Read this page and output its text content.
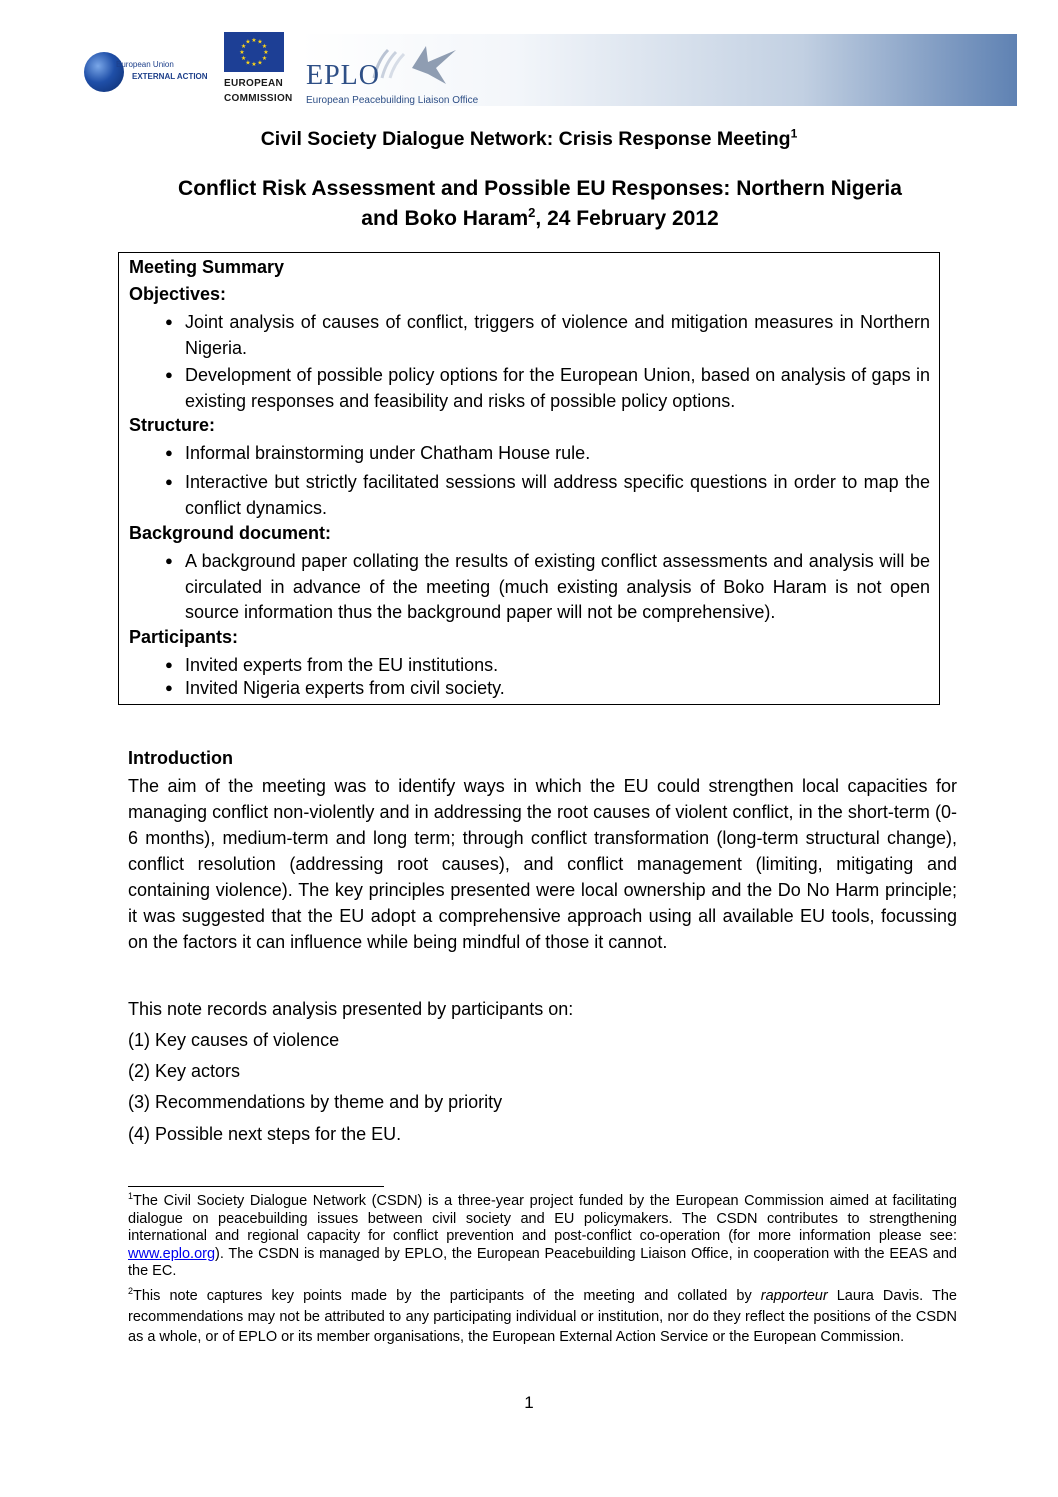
European Union
EXTERNAL ACTION
★ ★
★
★
★
★
★
★
★
★
★
★
EUROPEAN
COMMISSION
EPLO
European Peacebuilding Liaison Office
Civil Society Dialogue Network: Crisis Response Meeting$^1$
Conflict Risk Assessment and Possible EU Responses: Northern Nigeria
and Boko Haram$^2$, 24 February 2012
Meeting Summary
Objectives:
● Joint analysis of causes of conflict, triggers of violence and mitigation measures in Northern Nigeria.
● Development of possible policy options for the European Union, based on analysis of gaps in existing responses and feasibility and risks of possible policy options.
Structure:
● Informal brainstorming under Chatham House rule.
● Interactive but strictly facilitated sessions will address specific questions in order to map the conflict dynamics.
Background document:
● A background paper collating the results of existing conflict assessments and analysis will be circulated in advance of the meeting (much existing analysis of Boko Haram is not open source information thus the background paper will not be comprehensive).
Participants:
● Invited experts from the EU institutions.
● Invited Nigeria experts from civil society.
Introduction
The aim of the meeting was to identify ways in which the EU could strengthen local capacities for managing conflict non-violently and in addressing the root causes of violent conflict, in the short-term (0-6 months), medium-term and long term; through conflict transformation (long-term structural change), conflict resolution (addressing root causes), and conflict management (limiting, mitigating and containing violence). The key principles presented were local ownership and the Do No Harm principle; it was suggested that the EU adopt a comprehensive approach using all available EU tools, focussing on the factors it can influence while being mindful of those it cannot.
This note records analysis presented by participants on:
(1) Key causes of violence
(2) Key actors
(3) Recommendations by theme and by priority
(4) Possible next steps for the EU.
$^1$The Civil Society Dialogue Network (CSDN) is a three-year project funded by the European Commission aimed at facilitating dialogue on peacebuilding issues between civil society and EU policymakers. The CSDN contributes to strengthening international and regional capacity for conflict prevention and post-conflict co-operation (for more information please see: www.eplo.org). The CSDN is managed by EPLO, the European Peacebuilding Liaison Office, in cooperation with the EEAS and the EC.
$^2$This note captures key points made by the participants of the meeting and collated by rapporteur Laura Davis. The recommendations may not be attributed to any participating individual or institution, nor do they reflect the positions of the CSDN as a whole, or of EPLO or its member organisations, the European External Action Service or the European Commission.
1
